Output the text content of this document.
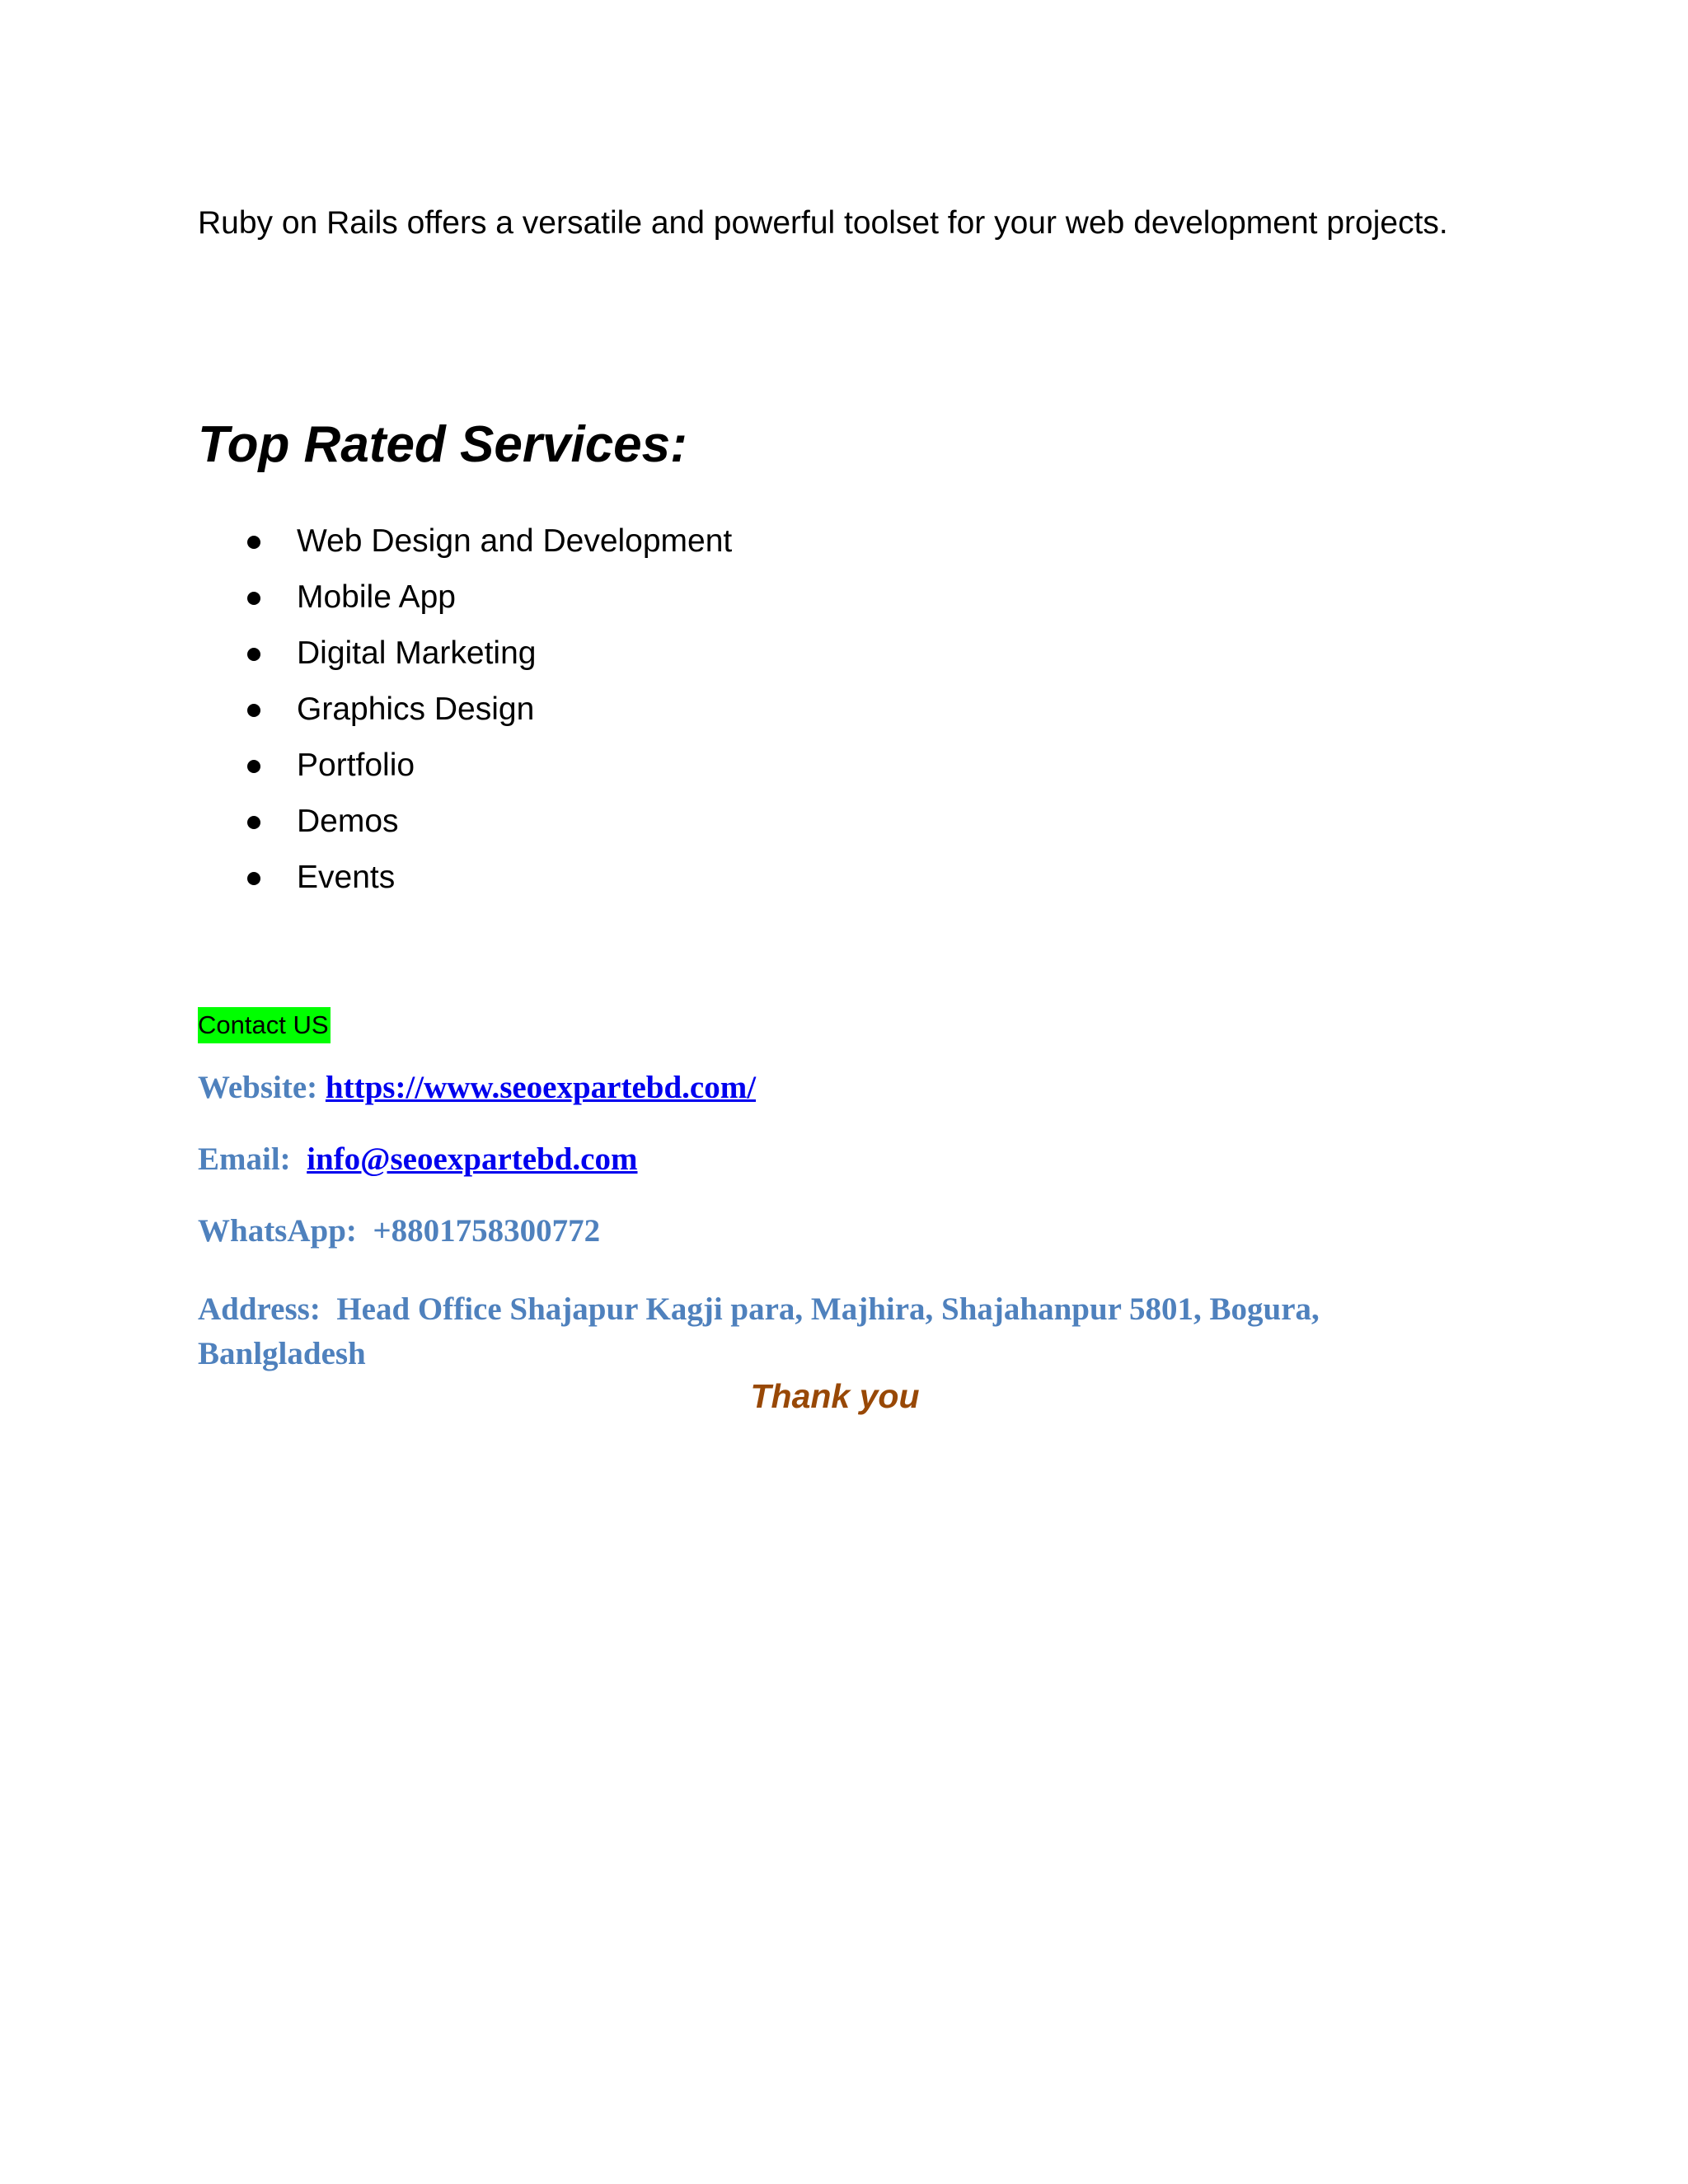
Ruby on Rails offers a versatile and powerful toolset for your web development projects.

Top Rated Services:
Web Design and Development
Mobile App
Digital Marketing
Graphics Design
Portfolio
Demos
Events
Contact US

Website: https://www.seoexpartebd.com/

Email: info@seoexpartebd.com

WhatsApp: +8801758300772

Address: Head Office Shajapur Kagji para, Majhira, Shajahanpur 5801, Bogura, Banlgladesh

Thank you
